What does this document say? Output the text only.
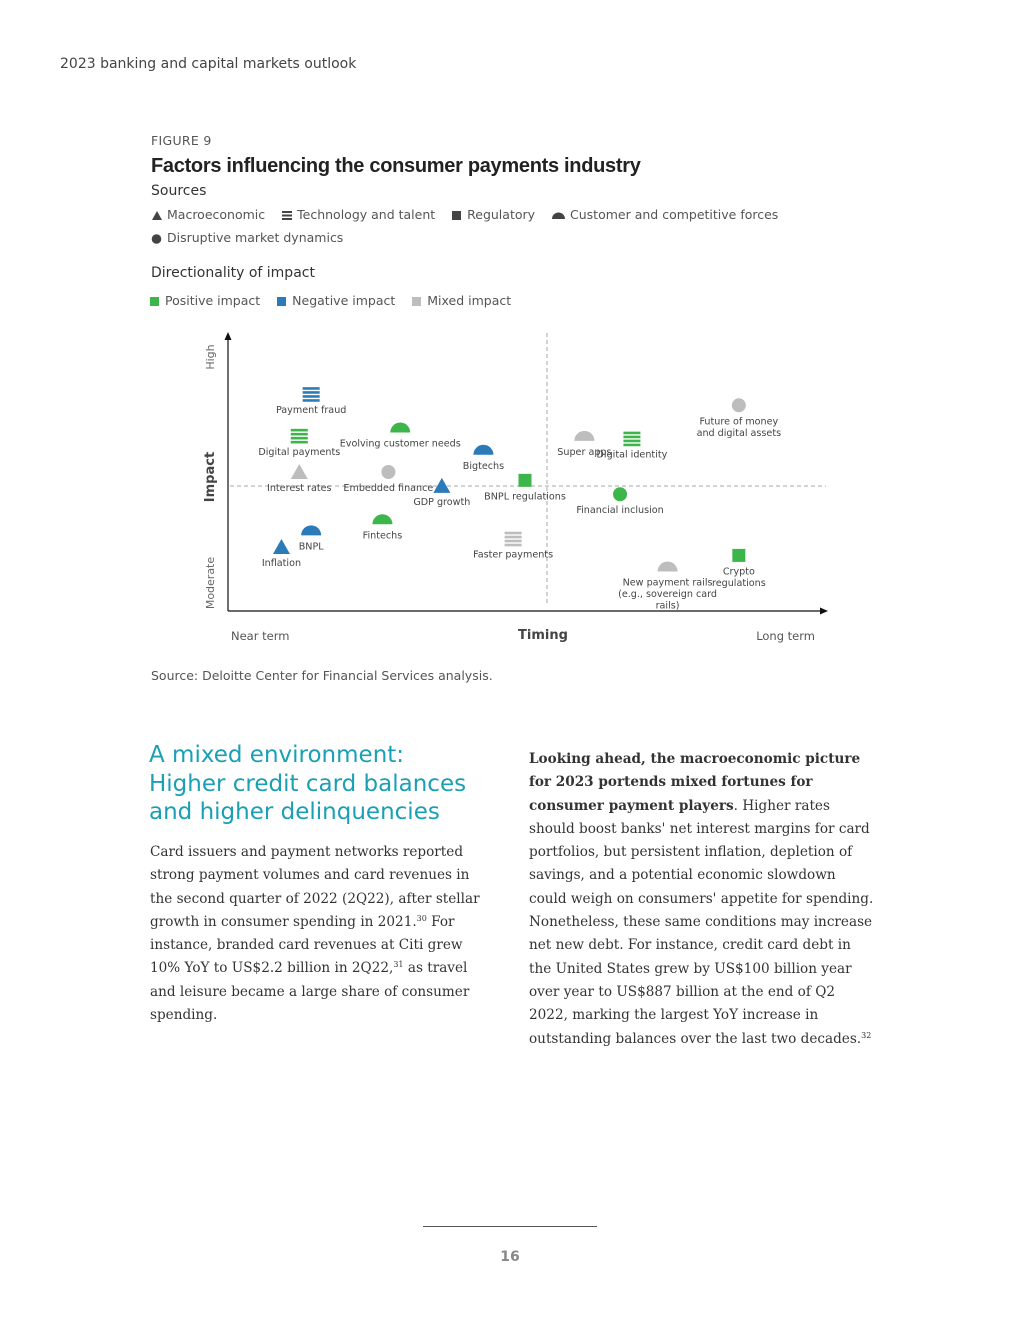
2023 banking and capital markets outlook
FIGURE 9
Factors influencing the consumer payments industry
Sources
Macroeconomic	Technology and talent	Regulatory	Customer and competitive forces
Disruptive market dynamics
Directionality of impact
Positive impact	Negative impact	Mixed impact
High
Moderate
Impact
Near term	Long term
Timing
Payment fraud
Digital payments
Evolving customer needs
Bigtechs
Super apps
Digital identity
Future of money
and digital assets
Interest rates Embedded finance
GDP growth
BNPL regulations
Financial inclusion
BNPL
Fintechs
Faster payments
Inflation
New payment rails
(e.g., sovereign card
rails)
Crypto
regulations
Source: Deloitte Center for Financial Services analysis.
A mixed environment:
Higher credit card balances
and higher delinquencies
Card issuers and payment networks reported strong payment volumes and card revenues in the second quarter of 2022 (2Q22), after stellar growth in consumer spending in 2021.30 For instance, branded card revenues at Citi grew 10% YoY to US$2.2 billion in 2Q22,31 as travel and leisure became a large share of consumer spending.
Looking ahead, the macroeconomic picture for 2023 portends mixed fortunes for consumer payment players. Higher rates should boost banks' net interest margins for card portfolios, but persistent inflation, depletion of savings, and a potential economic slowdown could weigh on consumers' appetite for spending. Nonetheless, these same conditions may increase net new debt. For instance, credit card debt in the United States grew by US$100 billion year over year to US$887 billion at the end of Q2 2022, marking the largest YoY increase in outstanding balances over the last two decades.$^{32}$
16
